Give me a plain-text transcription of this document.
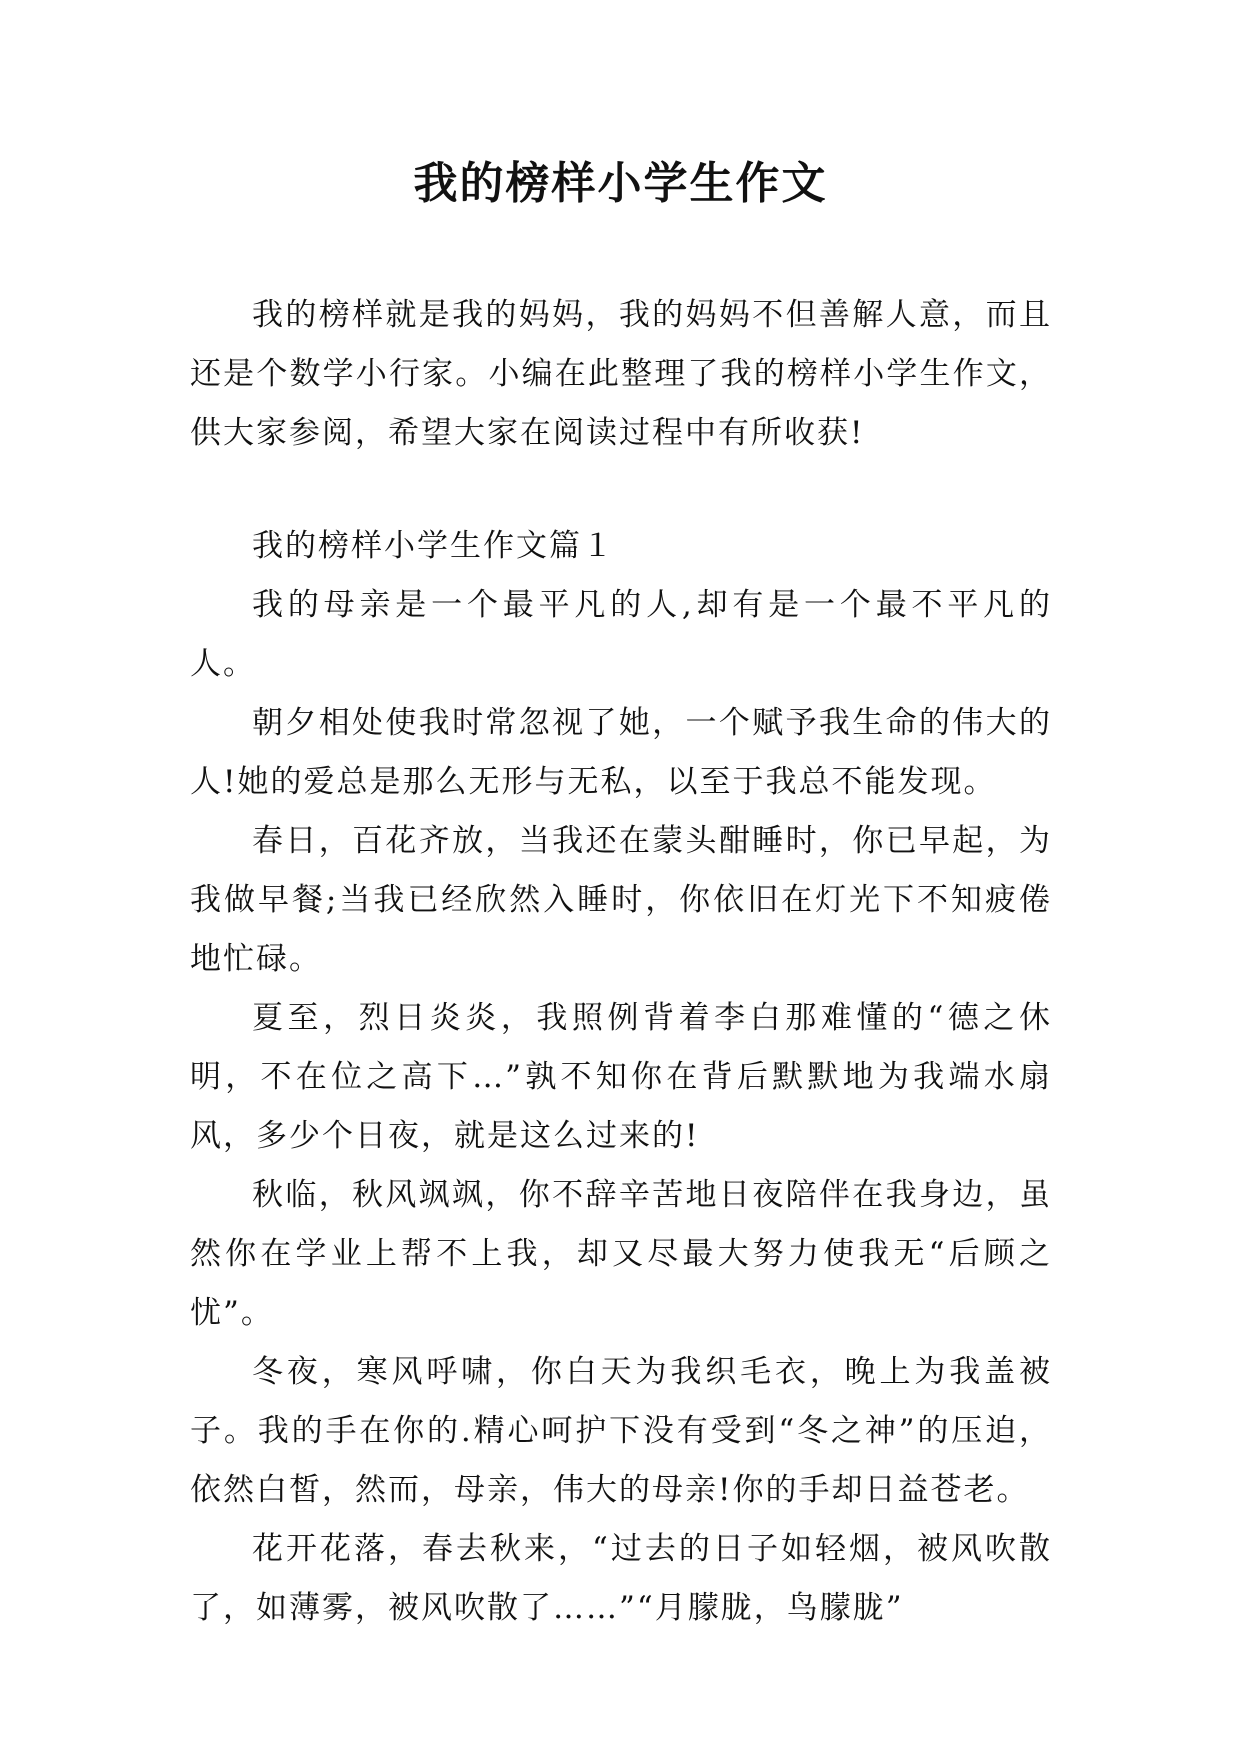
我的榜样小学生作文

我的榜样就是我的妈妈，我的妈妈不但善解人意，而且还是个数学小行家。小编在此整理了我的榜样小学生作文，供大家参阅，希望大家在阅读过程中有所收获!

我的榜样小学生作文篇１

我的母亲是一个最平凡的人,却有是一个最不平凡的人。

朝夕相处使我时常忽视了她，一个赋予我生命的伟大的人!她的爱总是那么无形与无私，以至于我总不能发现。

春日，百花齐放，当我还在蒙头酣睡时，你已早起，为我做早餐;当我已经欣然入睡时，你依旧在灯光下不知疲倦地忙碌。

夏至，烈日炎炎，我照例背着李白那难懂的“德之休明，不在位之高下…”孰不知你在背后默默地为我端水扇风，多少个日夜，就是这么过来的!

秋临，秋风飒飒，你不辞辛苦地日夜陪伴在我身边，虽然你在学业上帮不上我，却又尽最大努力使我无“后顾之忧”。

冬夜，寒风呼啸，你白天为我织毛衣，晚上为我盖被子。我的手在你的.精心呵护下没有受到“冬之神”的压迫，依然白皙，然而，母亲，伟大的母亲!你的手却日益苍老。

花开花落，春去秋来，“过去的日子如轻烟，被风吹散了，如薄雾，被风吹散了……”“月朦胧，鸟朦胧”
